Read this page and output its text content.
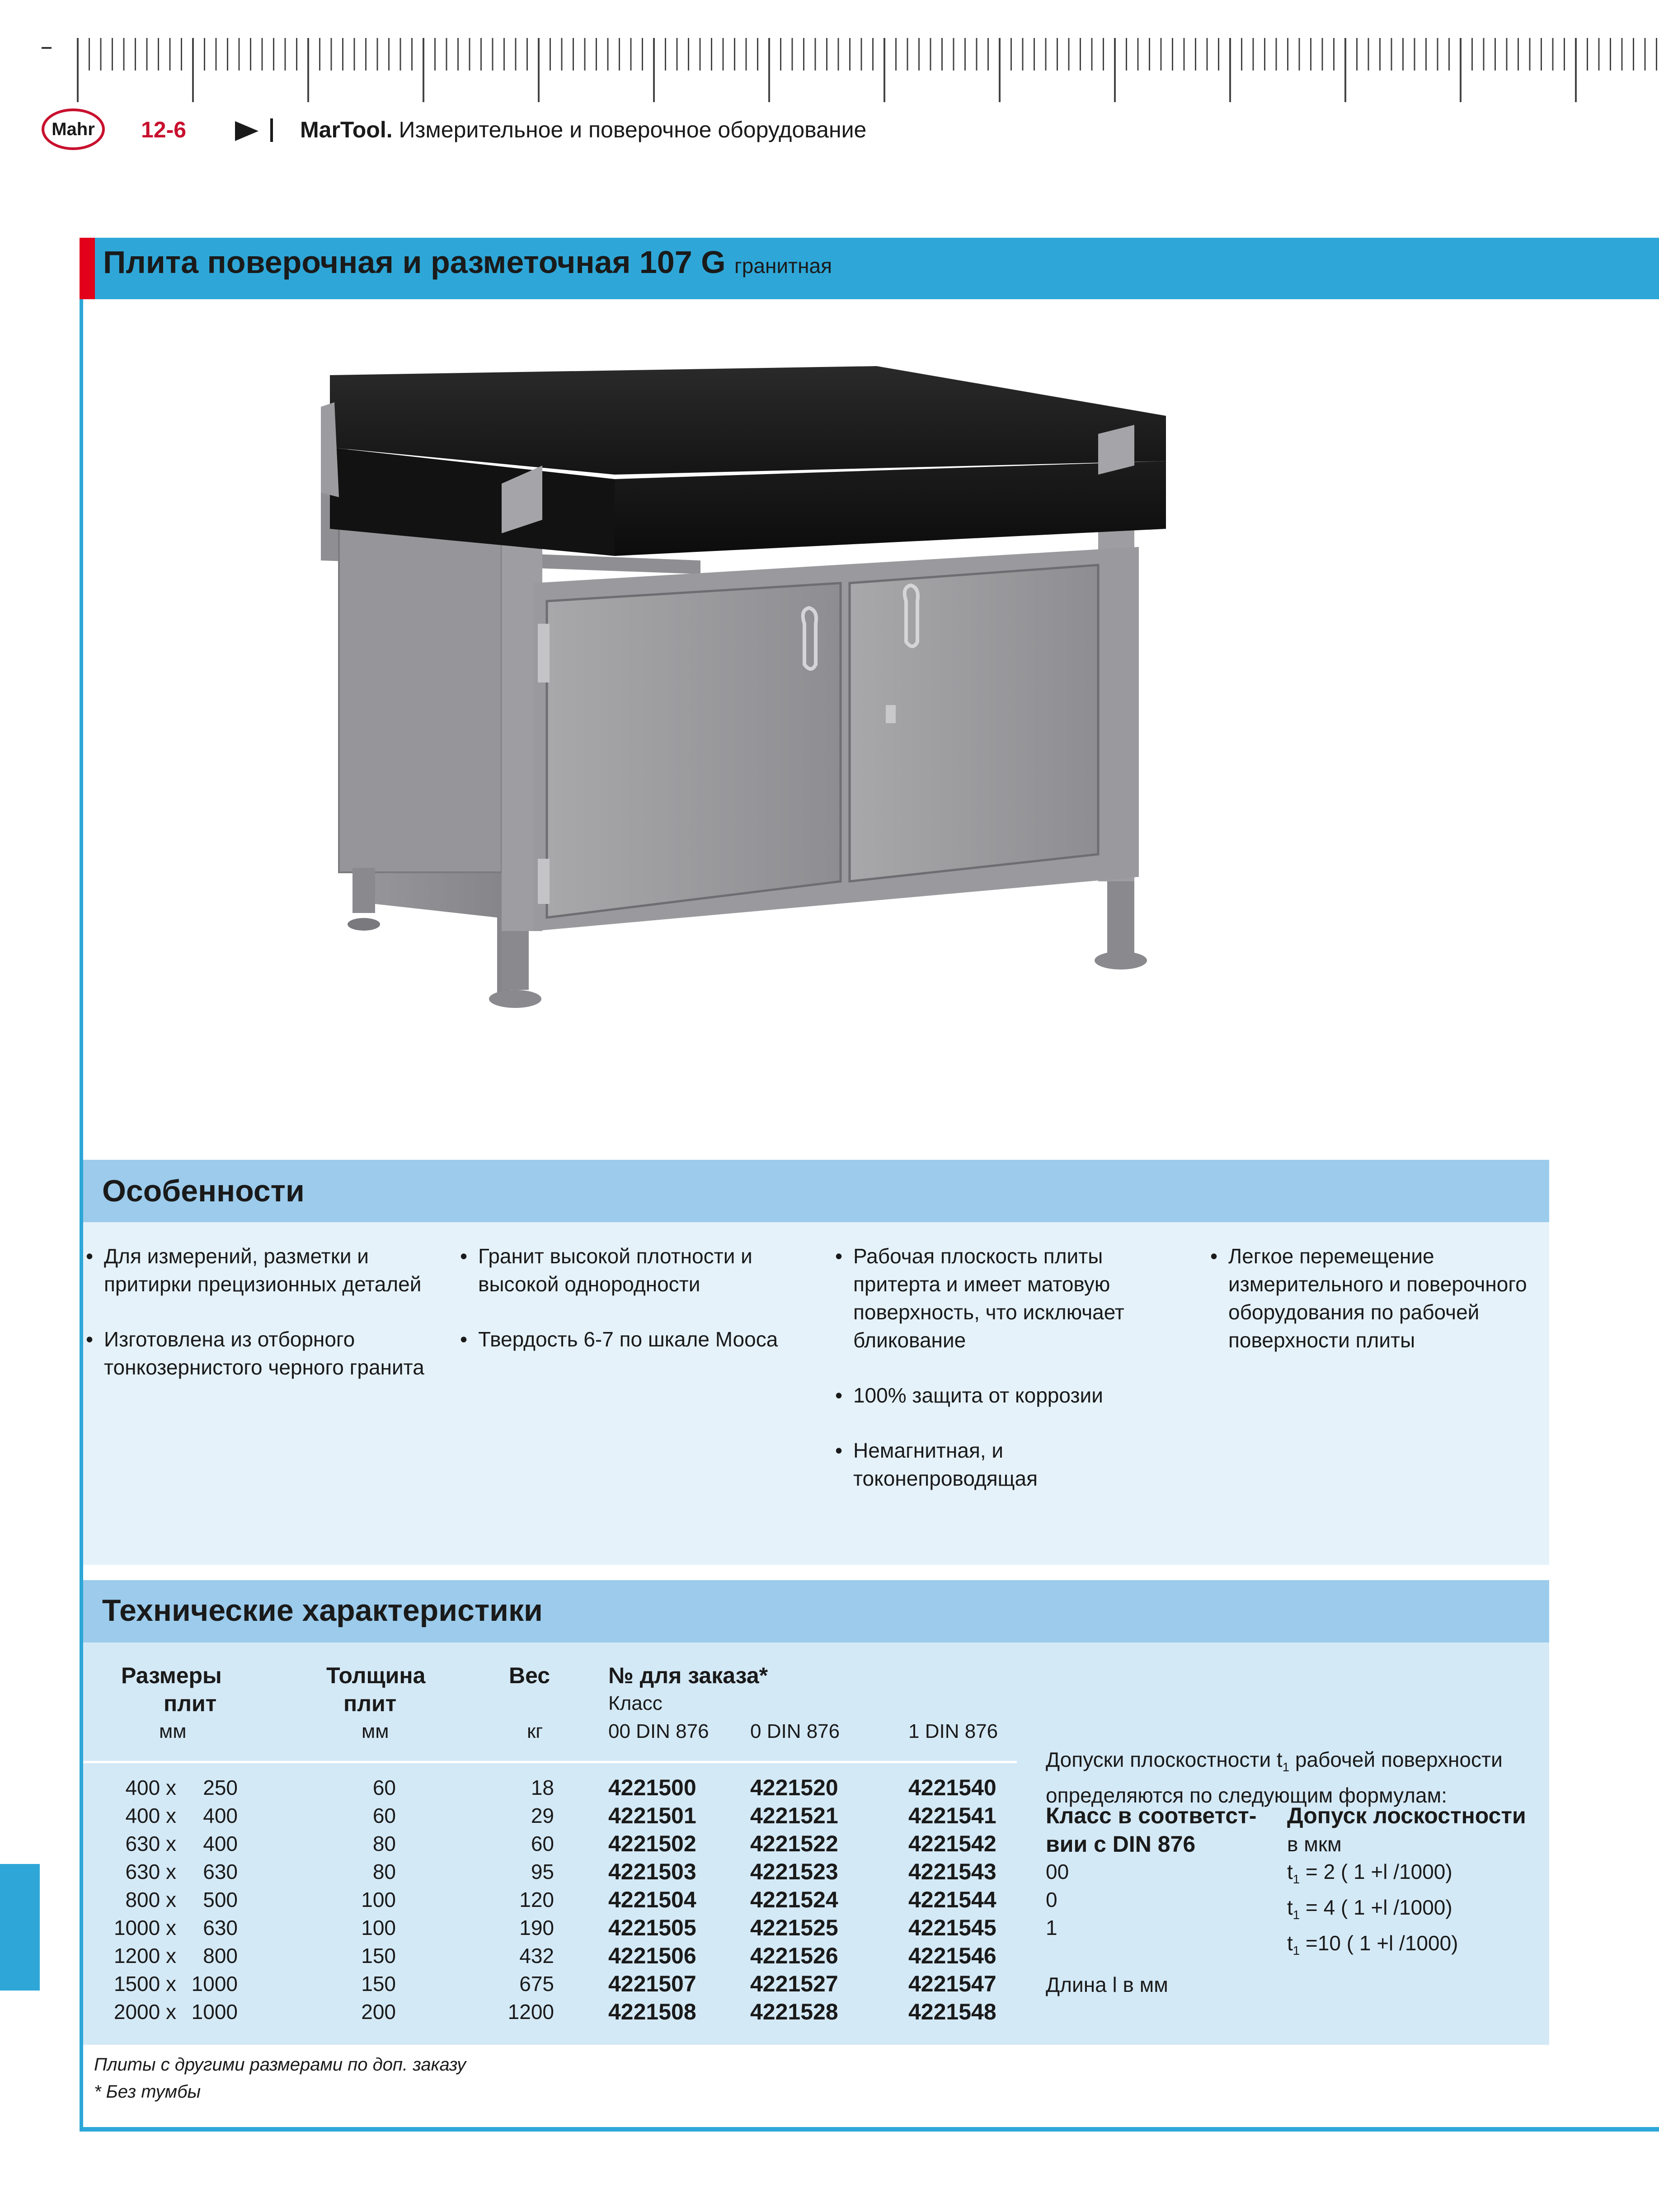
Mahr 12-6	MarTool. Измерительное и поверочное оборудование
Плита поверочная и разметочная 107 G гранитная
Особенности
• Для измерений, разметки и притирки прецизионных деталей
• Изготовлена из отборного тонкозернистого черного гранита
• Гранит высокой плотности и высокой однородности
• Твердость 6-7 по шкале Мооса
• Рабочая плоскость плиты притерта и имеет матовую поверхность, что исключает бликование
• 100% защита от коррозии
• Немагнитная, и токонепроводящая
• Легкое перемещение измерительного и поверочного оборудования по рабочей поверхности плиты
Технические характеристики
Размеры
плит
мм
Толщина
плит
мм
Вес
кг
№ для заказа*
Класс
00 DIN 876 0 DIN 876	1 DIN 876
400 x
400 x
630 x
630 x
800 x
1000 x
1200 x
1500 x
2000 x
250
400
400
630
500
630
800
1000
1000
60
60
80
80
100
100
150
150
200
18
29
60
95
120
190
432
675
1200
4221500
4221501
4221502
4221503
4221504
4221505
4221506
4221507
4221508
4221520
4221521
4221522
4221523
4221524
4221525
4221526
4221527
4221528
4221540
4221541
4221542
4221543
4221544
4221545
4221546
4221547
4221548
Допуски плоскостности $t_1$ рабочей поверхности
определяются по следующим формулам:
Класс в соответст-
вии с DIN 876
Допуск лоскостности
в мкм
00
0
1
$t_1 = 2$ ( 1 +l /1000)
$t_1 = 4$ ( 1 +l /1000)
$t_1 =10$ ( 1 +l /1000)
Длина l в мм
Плиты с другими размерами по доп. заказу
* Без тумбы
